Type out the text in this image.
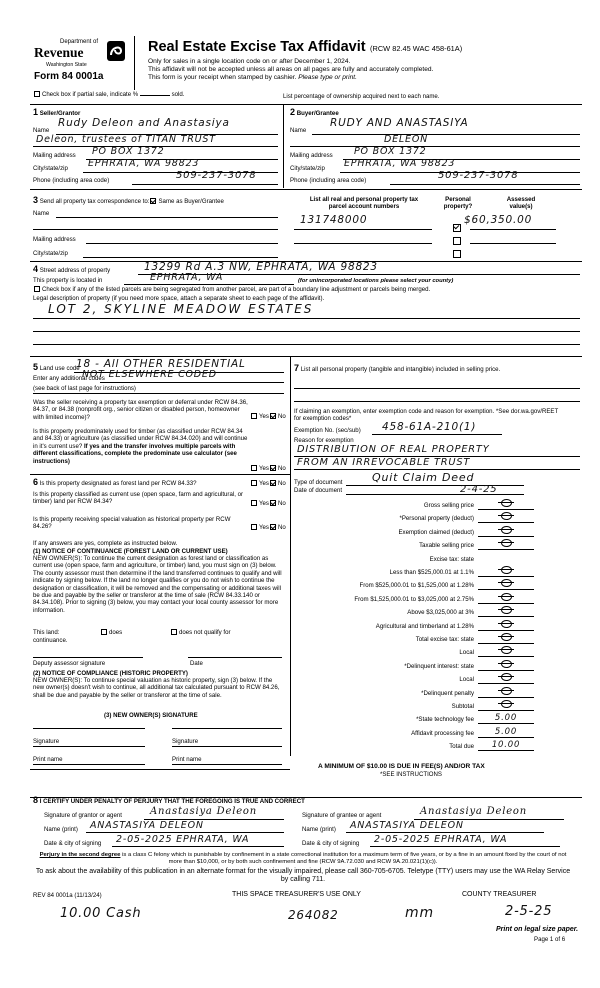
Department of
Revenue
Washington State
Form 84 0001a
Real Estate Excise Tax Affidavit (RCW 82.45 WAC 458-61A)
Only for sales in a single location code on or after December 1, 2024.
This affidavit will not be accepted unless all areas on all pages are fully and accurately completed.
This form is your receipt when stamped by cashier. Please type or print.
Check box if partial sale, indicate %	sold.	List percentage of ownership acquired next to each name.
1 Seller/Grantor
Name
Rudy Deleon and Anastasiya
Deleon, trustees of TITAN TRUST
Mailing address PO BOX 1372
City/state/zip EPHRATA, WA 98823
Phone (including area code)	509-237-3078
2 Buyer/Grantee
Name
RUDY AND ANASTASIYA
DELEON
Mailing address PO BOX 1372
City/state/zip EPHRATA, WA 98823
Phone (including area code)	509-237-3078
3 Send all property tax correspondence to: Same as Buyer/Grantee
Name
Mailing address
City/state/zip
List all real and personal property tax
parcel account numbers
Personal
property?
Assessed
value(s)
131748000	$60,350.00
4 Street address of property	13299 Rd A.3 NW, EPHRATA, WA 98823
This property is located in	EPHRATA, WA	(for unincorporated locations please select your county)
Check box if any of the listed parcels are being segregated from another parcel, are part of a boundary line adjustment or parcels being merged.
Legal description of property (if you need more space, attach a separate sheet to each page of the affidavit).
LOT 2, SKYLINE MEADOW ESTATES
5 Land use code
18 - All OTHER RESIDENTIAL
Enter any additional codes
NOT ELSEWHERE CODED
(see back of last page for instructions)
Was the seller receiving a property tax exemption or deferral under RCW 84.36, 84.37, or 84.38 (nonprofit org., senior citizen or disabled person, homeowner with limited income)?	Yes No
Is this property predominately used for timber (as classified under RCW 84.34 and 84.33) or agriculture (as classified under RCW 84.34.020) and will continue in it's current use? If yes and the transfer involves multiple parcels with different classifications, complete the predominate use calculator (see instructions)
Yes No
6 Is this property designated as forest land per RCW 84.33?	Yes No
Is this property classified as current use (open space, farm and agricultural, or timber) land per RCW 84.34?	Yes No
Is this property receiving special valuation as historical property per RCW 84.26?	Yes No
If any answers are yes, complete as instructed below.
(1) NOTICE OF CONTINUANCE (FOREST LAND OR CURRENT USE)
NEW OWNER(S): To continue the current designation as forest land or classification as current use (open space, farm and agriculture, or timber) land, you must sign on (3) below. The county assessor must then determine if the land transferred continues to qualify and will indicate by signing below. If the land no longer qualifies or you do not wish to continue the designation or classification, it will be removed and the compensating or additional taxes will be due and payable by the seller or transferor at the time of sale (RCW 84.33.140 or 84.34.108). Prior to signing (3) below, you may contact your local county assessor for more information.
This land:	does	does not qualify for
continuance.
Deputy assessor signature	Date
(2) NOTICE OF COMPLIANCE (HISTORIC PROPERTY)
NEW OWNER(S): To continue special valuation as historic property, sign (3) below. If the new owner(s) doesn't wish to continue, all additional tax calculated pursuant to RCW 84.26, shall be due and payable by the seller or transferor at the time of sale.
(3) NEW OWNER(S) SIGNATURE
Signature	Signature
Print name	Print name
7 List all personal property (tangible and intangible) included in selling price.
If claiming an exemption, enter exemption code and reason for exemption. *See dor.wa.gov/REET for exemption codes*
Exemption No. (sec/sub) 458-61A-210(1)
Reason for exemption
DISTRIBUTION OF REAL PROPERTY
FROM AN IRREVOCABLE TRUST
Type of document	Quit Claim Deed
Date of document	2-4-25
Gross selling price
*Personal property (deduct)
Exemption claimed (deduct)
Taxable selling price
Excise tax: state
Less than $525,000.01 at 1.1%
From $525,000.01 to $1,525,000 at 1.28%
From $1,525,000.01 to $3,025,000 at 2.75%
Above $3,025,000 at 3%
Agricultural and timberland at 1.28%
Total excise tax: state
Local
*Delinquent interest: state
Local
*Delinquent penalty
Subtotal
*State technology fee	5.00
Affidavit processing fee	5.00
Total due	10.00
A MINIMUM OF $10.00 IS DUE IN FEE(S) AND/OR TAX
*SEE INSTRUCTIONS
8 I CERTIFY UNDER PENALTY OF PERJURY THAT THE FOREGOING IS TRUE AND CORRECT
Signature of grantor or agent	Anastasiya Deleon
Name (print) ANASTASIYA DELEON
Date & city of signing 2-05-2025 EPHRATA, WA
Signature of grantee or agent	Anastasiya Deleon
Name (print) ANASTASIYA DELEON
Date & city of signing 2-05-2025 EPHRATA, WA
Perjury in the second degree is a class C felony which is punishable by confinement in a state correctional institution for a maximum term of five years, or by a fine in an amount fixed by the court of not more than $10,000, or by both such confinement and fine (RCW 9A.72.030 and RCW 9A.20.021(1)(c)).
To ask about the availability of this publication in an alternate format for the visually impaired, please call 360-705-6705. Teletype (TTY) users may use the WA Relay Service by calling 711.
REV 84 0001a (11/13/24)	THIS SPACE TREASURER'S USE ONLY	COUNTY TREASURER
10.00 Cash	264082	mm	2-5-25
Print on legal size paper.
Page 1 of 6
